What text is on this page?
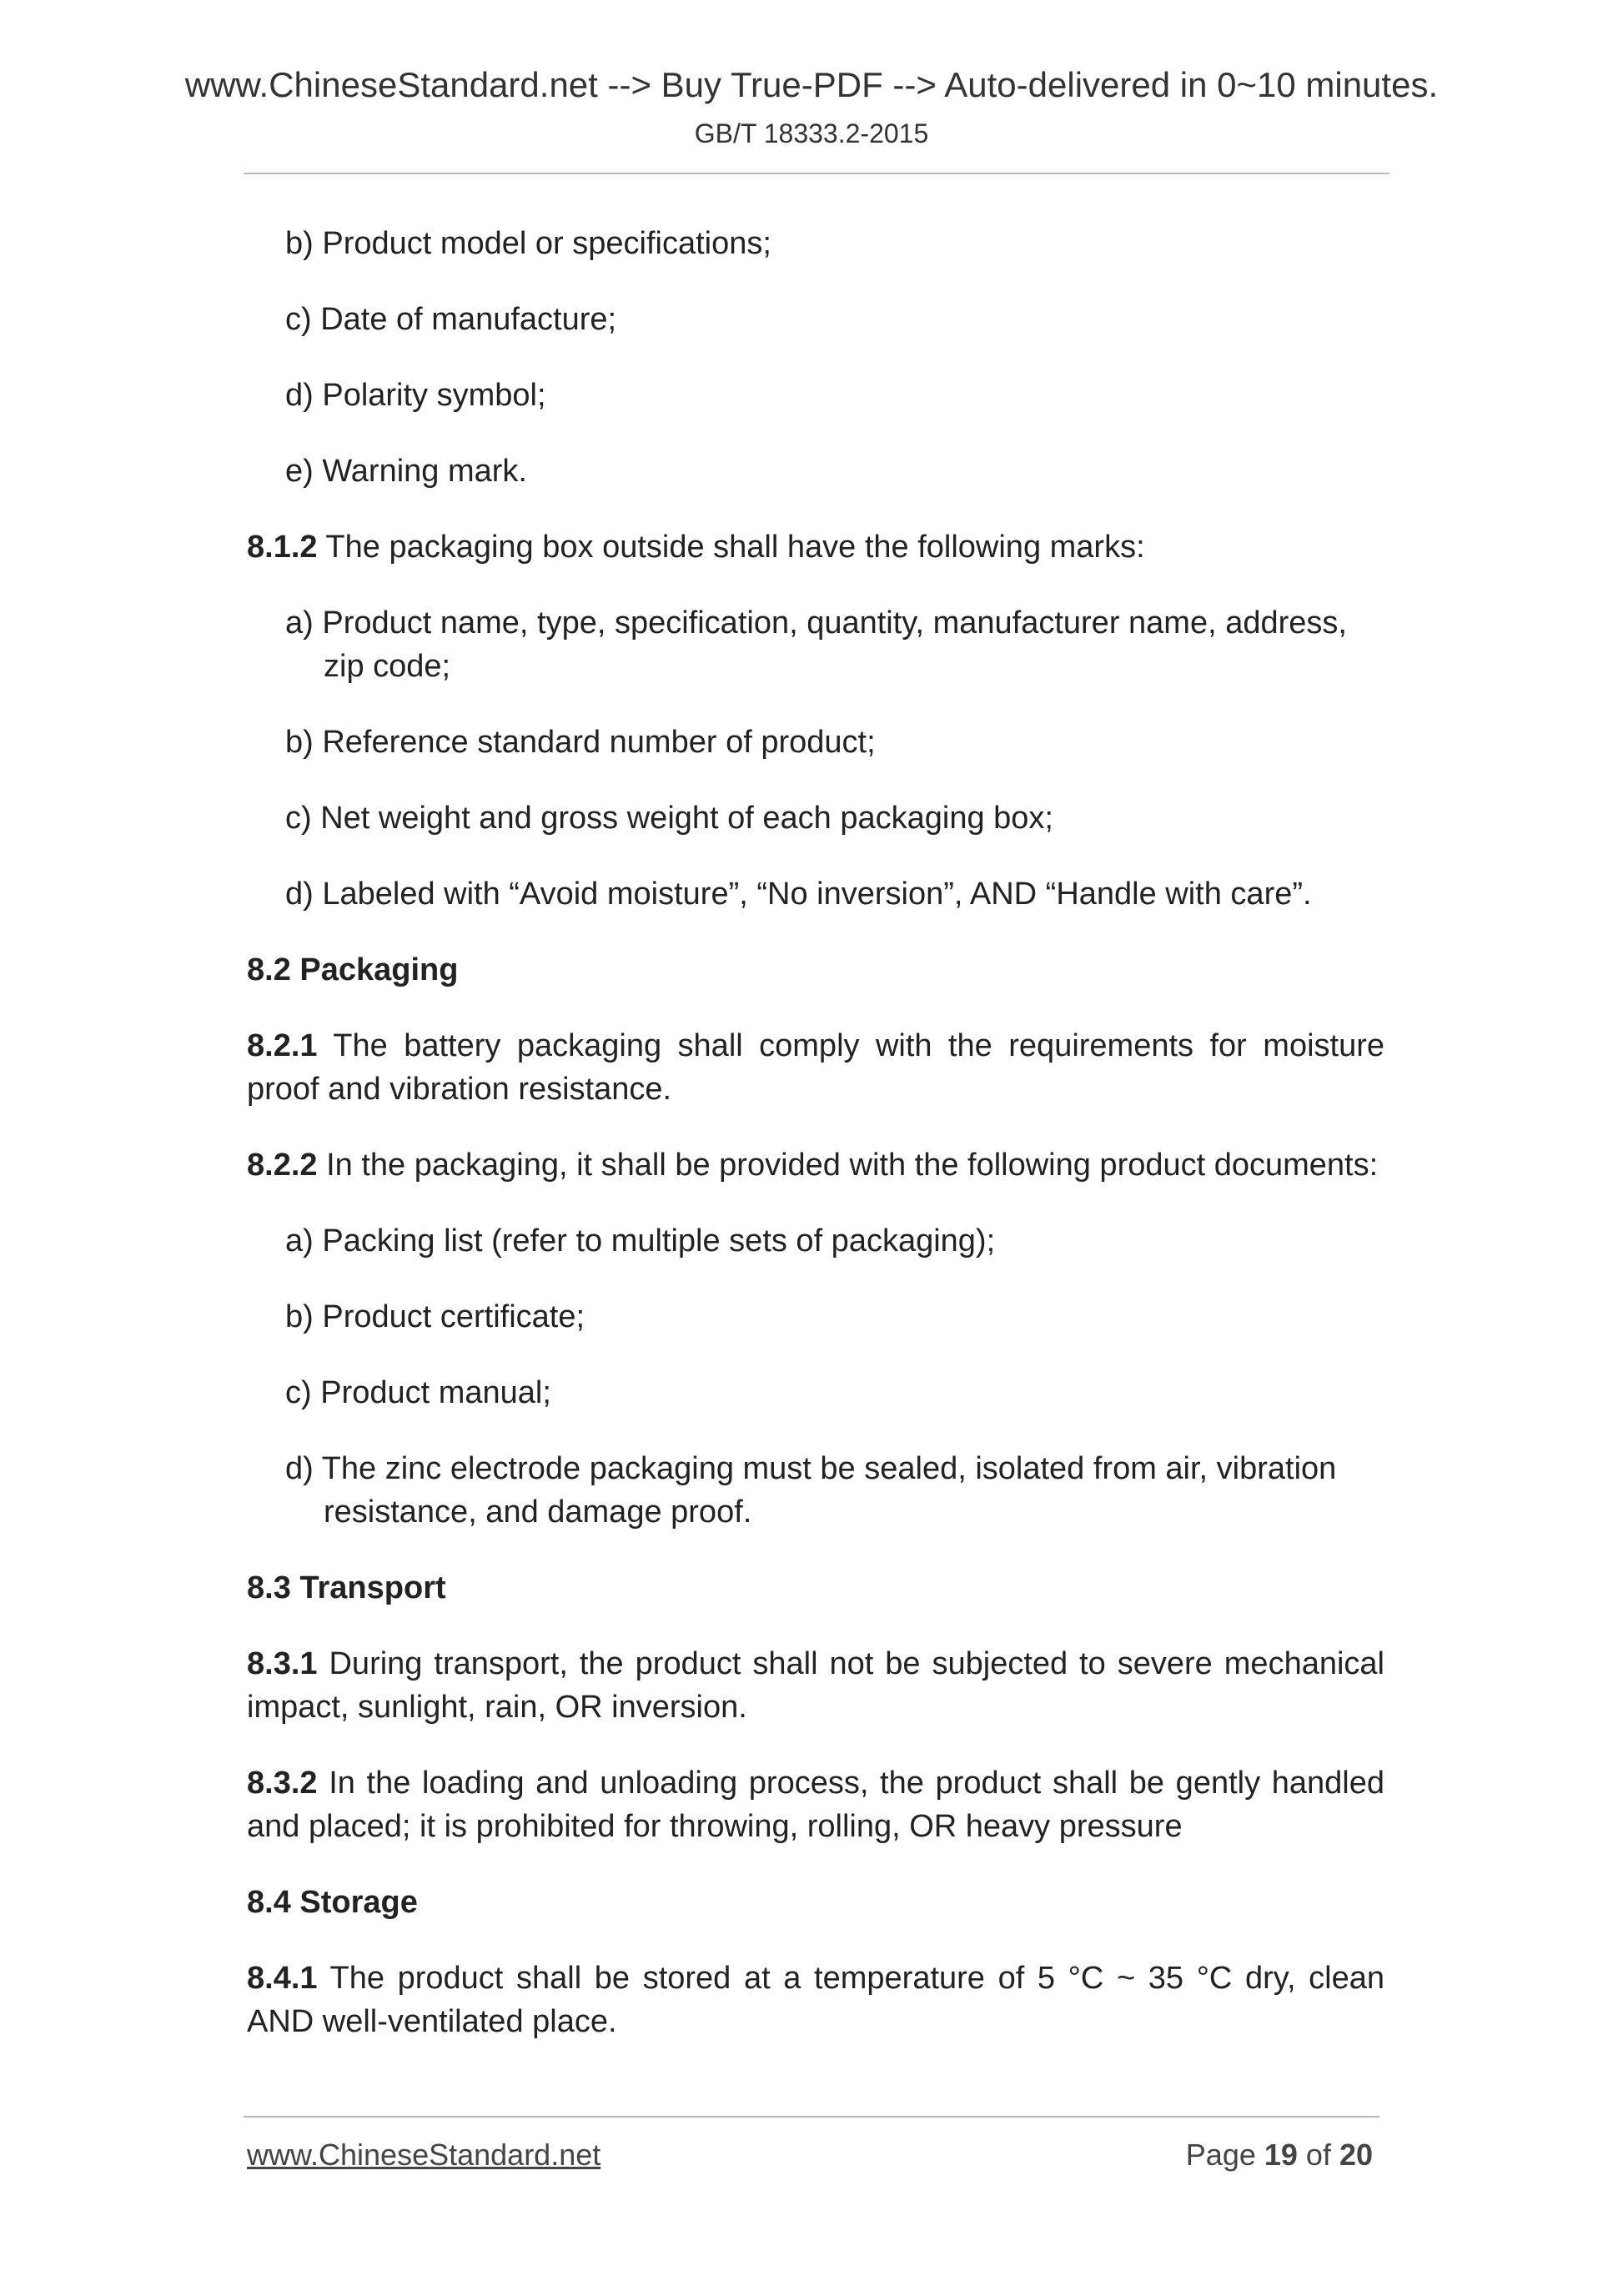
www.ChineseStandard.net --> Buy True-PDF --> Auto-delivered in 0~10 minutes.
GB/T 18333.2-2015

b) Product model or specifications;

c) Date of manufacture;

d) Polarity symbol;

e) Warning mark.

8.1.2 The packaging box outside shall have the following marks:

a) Product name, type, specification, quantity, manufacturer name, address, zip code;

b) Reference standard number of product;

c) Net weight and gross weight of each packaging box;

d) Labeled with “Avoid moisture”, “No inversion”, AND “Handle with care”.

8.2 Packaging

8.2.1 The battery packaging shall comply with the requirements for moisture proof and vibration resistance.

8.2.2 In the packaging, it shall be provided with the following product documents:

a) Packing list (refer to multiple sets of packaging);

b) Product certificate;

c) Product manual;

d) The zinc electrode packaging must be sealed, isolated from air, vibration resistance, and damage proof.

8.3 Transport

8.3.1 During transport, the product shall not be subjected to severe mechanical impact, sunlight, rain, OR inversion.

8.3.2 In the loading and unloading process, the product shall be gently handled and placed; it is prohibited for throwing, rolling, OR heavy pressure

8.4 Storage

8.4.1 The product shall be stored at a temperature of 5 °C ~ 35 °C dry, clean AND well-ventilated place.

www.ChineseStandard.net	Page 19 of 20
